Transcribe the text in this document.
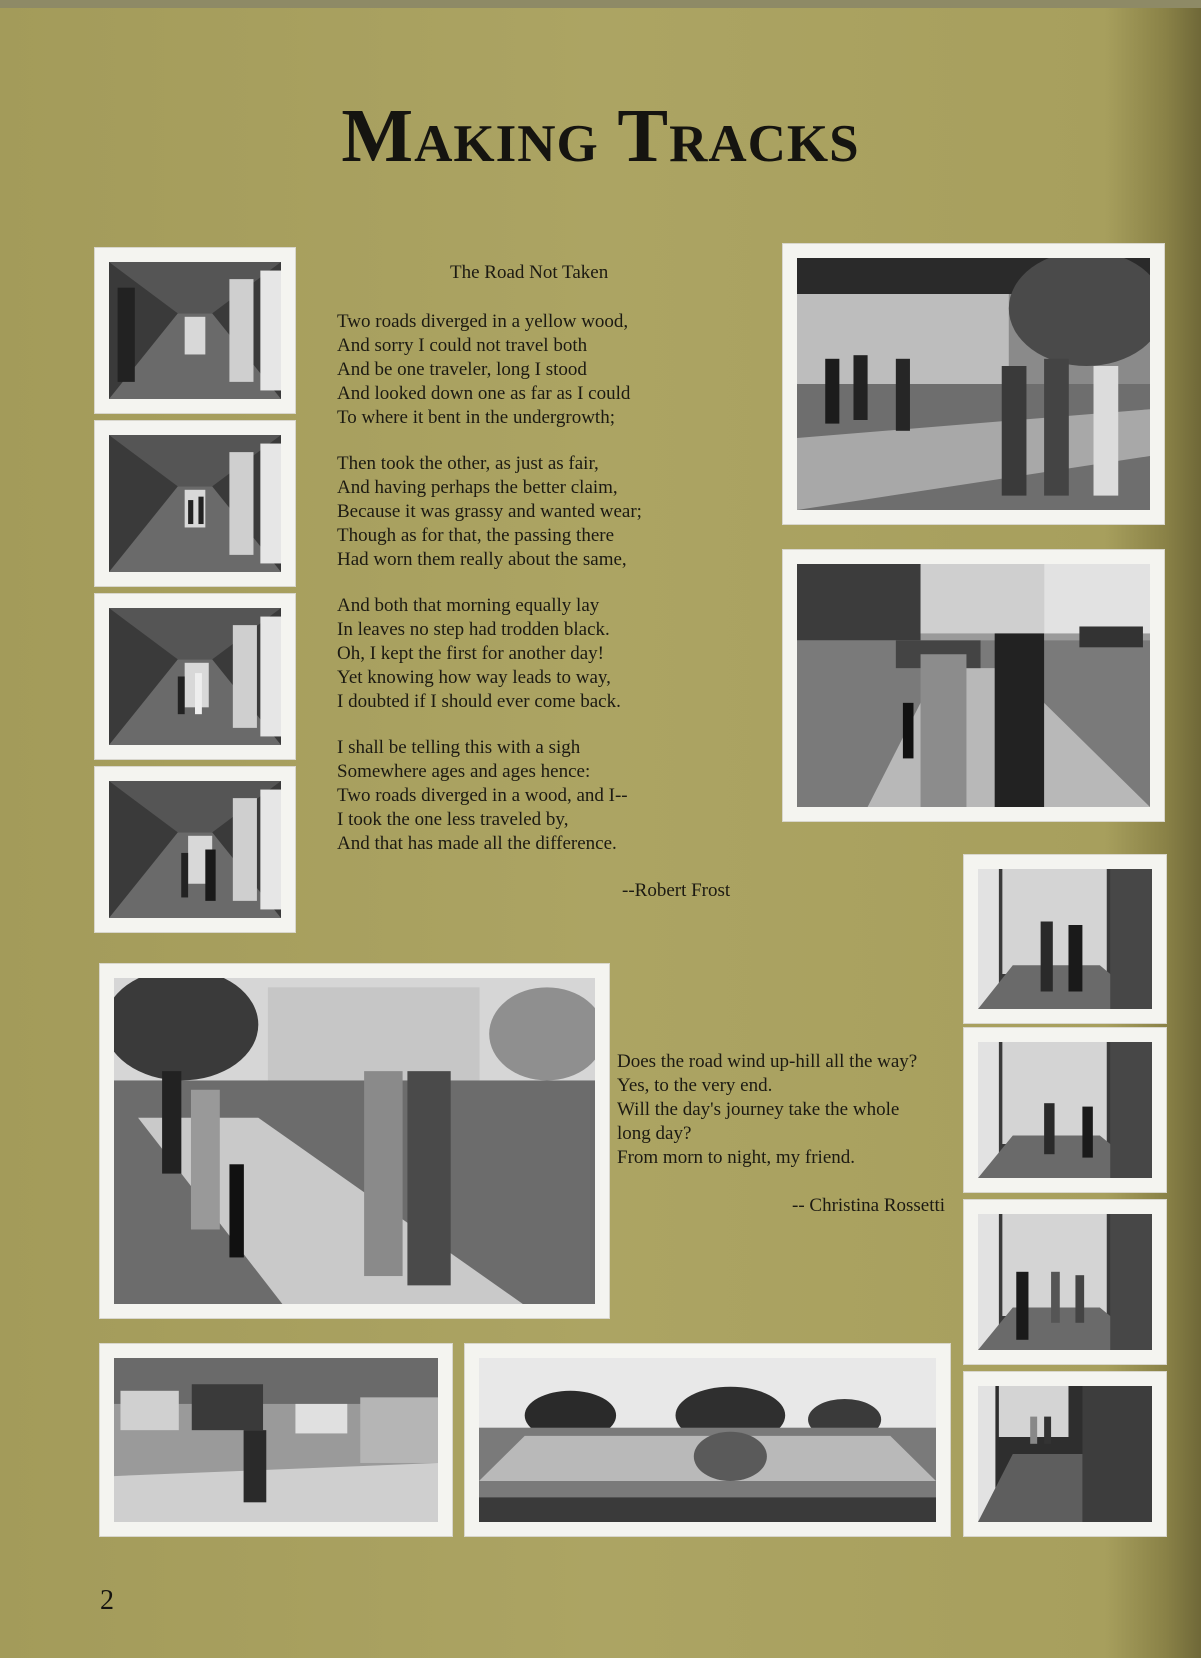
Making Tracks
The Road Not Taken
Two roads diverged in a yellow wood,
And sorry I could not travel both
And be one traveler, long I stood
And looked down one as far as I could
To where it bent in the undergrowth;
Then took the other, as just as fair,
And having perhaps the better claim,
Because it was grassy and wanted wear;
Though as for that, the passing there
Had worn them really about the same,
And both that morning equally lay
In leaves no step had trodden black.
Oh, I kept the first for another day!
Yet knowing how way leads to way,
I doubted if I should ever come back.
I shall be telling this with a sigh
Somewhere ages and ages hence:
Two roads diverged in a wood, and I--
I took the one less traveled by,
And that has made all the difference.
--Robert Frost
Does the road wind up-hill all the way?
Yes, to the very end.
Will the day's journey take the whole
long day?
From morn to night, my friend.
-- Christina Rossetti
2
